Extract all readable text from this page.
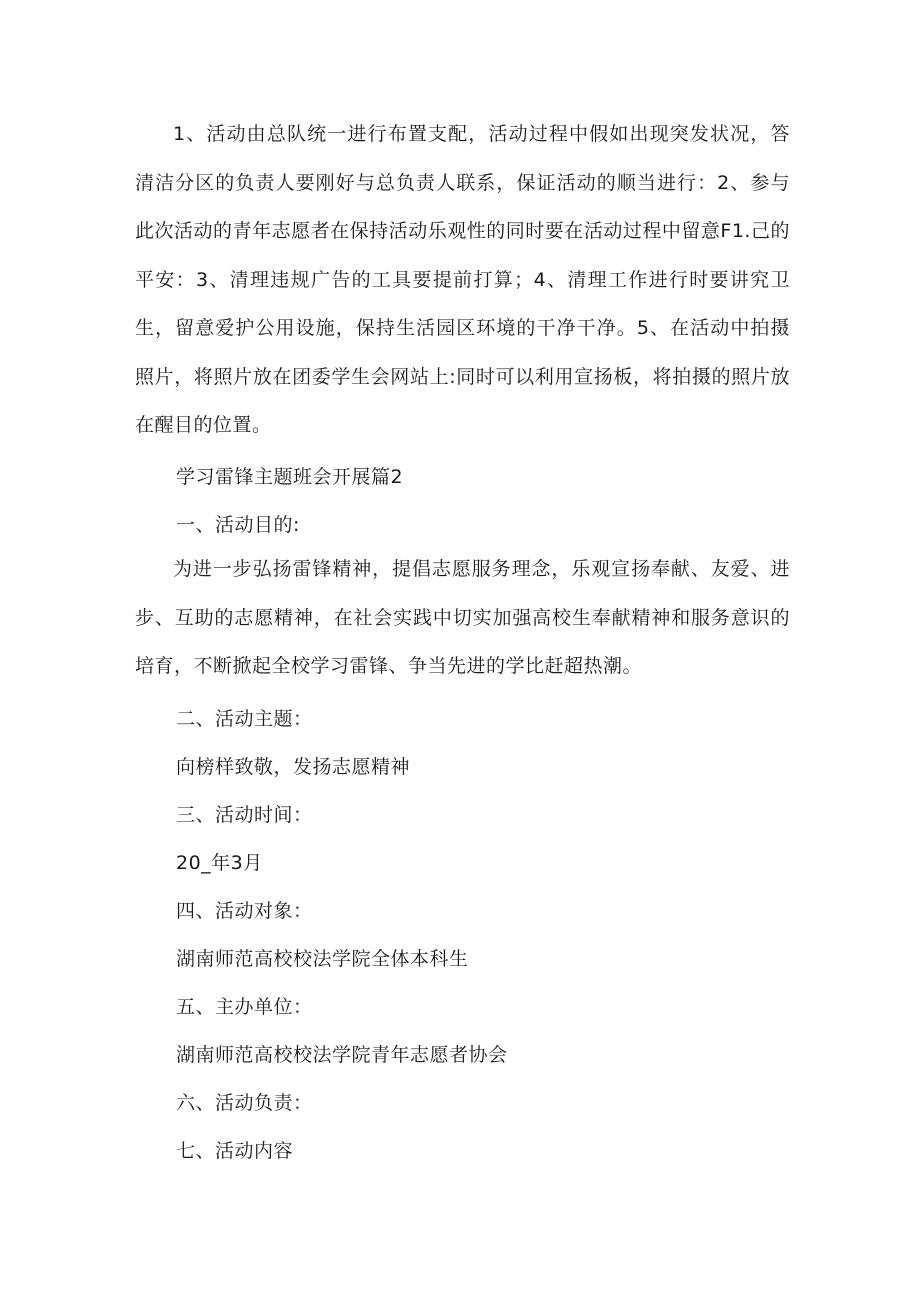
1、活动由总队统一进行布置支配，活动过程中假如出现突发状况，答清洁分区的负责人要刚好与总负责人联系，保证活动的顺当进行：2、参与此次活动的青年志愿者在保持活动乐观性的同时要在活动过程中留意F1.己的平安：3、清理违规广告的工具要提前打算；4、清理工作进行时要讲究卫生，留意爱护公用设施，保持生活园区环境的干净干净。5、在活动中拍摄照片，将照片放在团委学生会网站上:同时可以利用宣扬板，将拍摄的照片放在醒目的位置。

学习雷锋主题班会开展篇2

一、活动目的:

为进一步弘扬雷锋精神，提倡志愿服务理念，乐观宣扬奉献、友爱、进步、互助的志愿精神，在社会实践中切实加强高校生奉献精神和服务意识的培育，不断掀起全校学习雷锋、争当先进的学比赶超热潮。

二、活动主题：

向榜样致敬，发扬志愿精神

三、活动时间：

20_年3月

四、活动对象：

湖南师范高校校法学院全体本科生

五、主办单位：

湖南师范高校校法学院青年志愿者协会

六、活动负责：

七、活动内容
